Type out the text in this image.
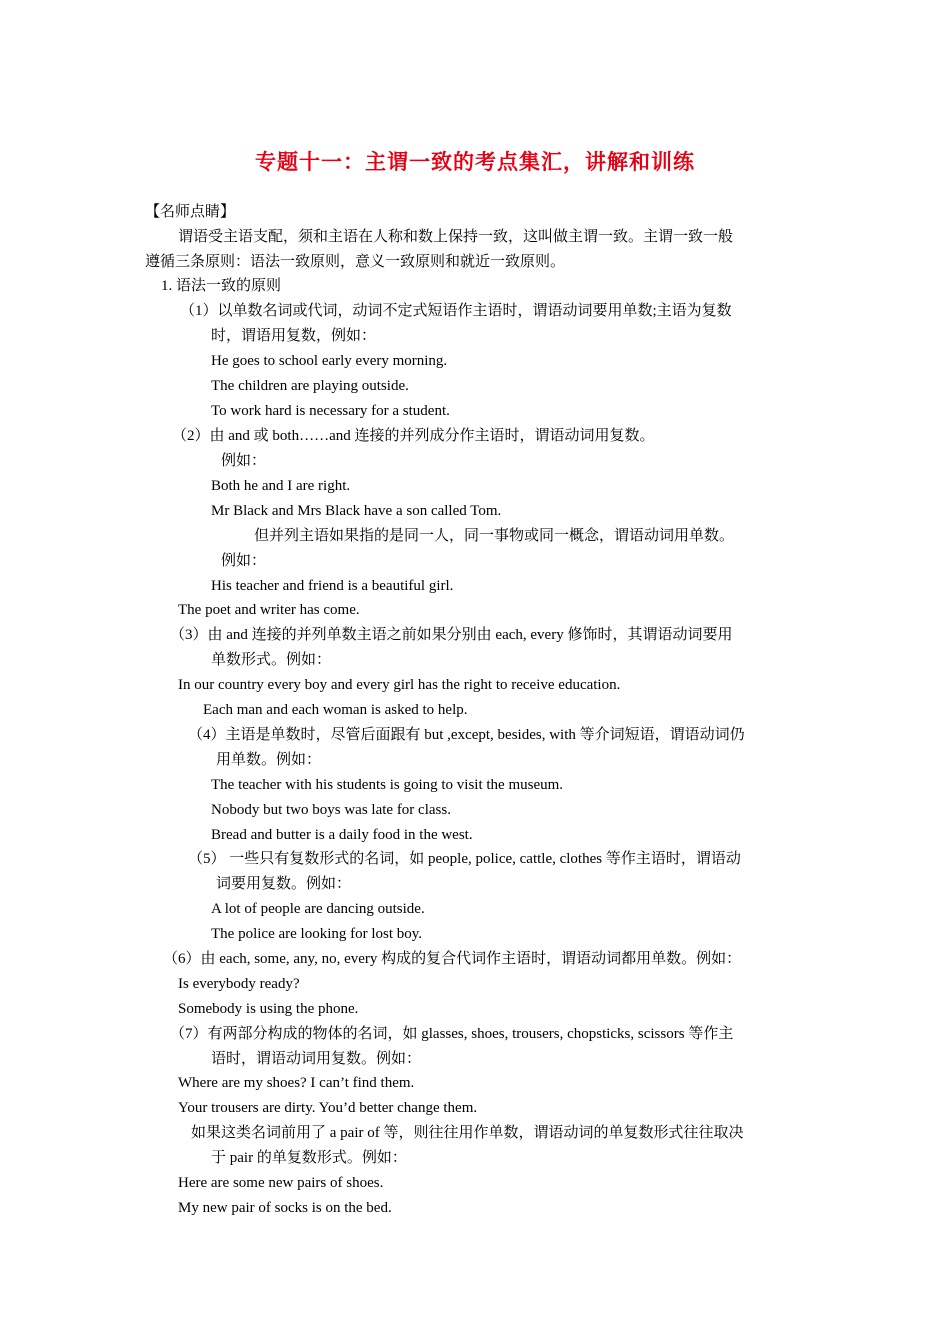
专题十一：主谓一致的考点集汇，讲解和训练
【名师点睛】
谓语受主语支配，须和主语在人称和数上保持一致，这叫做主谓一致。主谓一致一般
遵循三条原则：语法一致原则，意义一致原则和就近一致原则。
1. 语法一致的原则
（1）以单数名词或代词，动词不定式短语作主语时，谓语动词要用单数;主语为复数
时，谓语用复数，例如：
He goes to school early every morning.
The children are playing outside.
To work hard is necessary for a student.
（2）由 and 或 both……and 连接的并列成分作主语时，谓语动词用复数。
例如：
Both he and I are right.
Mr Black and Mrs Black have a son called Tom.
但并列主语如果指的是同一人，同一事物或同一概念，谓语动词用单数。
例如：
His teacher and friend is a beautiful girl.
The poet and writer has come.
（3）由 and 连接的并列单数主语之前如果分别由 each, every 修饰时，其谓语动词要用
单数形式。例如：
In our country every boy and every girl has the right to receive education.
Each man and each woman is asked to help.
（4）主语是单数时，尽管后面跟有 but ,except, besides, with 等介词短语，谓语动词仍
用单数。例如：
The teacher with his students is going to visit the museum.
Nobody but two boys was late for class.
Bread and butter is a daily food in the west.
（5） 一些只有复数形式的名词，如 people, police, cattle, clothes 等作主语时，谓语动
词要用复数。例如：
A lot of people are dancing outside.
The police are looking for lost boy.
（6）由 each, some, any, no, every 构成的复合代词作主语时，谓语动词都用单数。例如：
Is everybody ready?
Somebody is using the phone.
（7）有两部分构成的物体的名词，如 glasses, shoes, trousers, chopsticks, scissors 等作主
语时，谓语动词用复数。例如：
Where are my shoes? I can’t find them.
Your trousers are dirty. You’d better change them.
如果这类名词前用了 a pair of 等，则往往用作单数，谓语动词的单复数形式往往取决
于 pair 的单复数形式。例如：
Here are some new pairs of shoes.
My new pair of socks is on the bed.
